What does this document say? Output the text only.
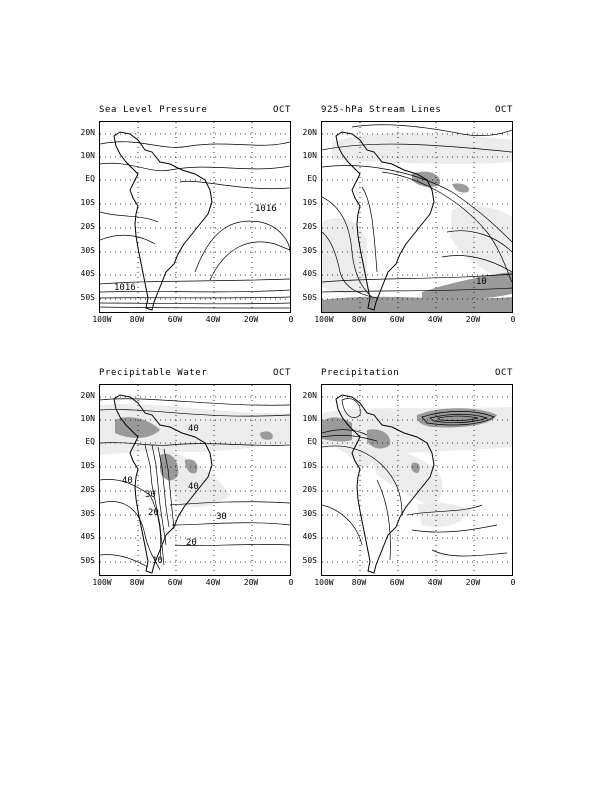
Sea Level Pressure	OCT
1016
1016
20N
10N
EQ
10S
20S
30S
40S
50S
100W	80W	60W	40W	20W	0
925-hPa Stream Lines	OCT
10
20N
10N
EQ
10S
20S
30S
40S
50S
100W	80W	60W	40W	20W	0
Precipitable Water	OCT
40
40
40
30
30
20
20
10
20N
10N
EQ
10S
20S
30S
40S
50S
100W	80W	60W	40W	20W	0
Precipitation	OCT
20N
10N
EQ
10S
20S
30S
40S
50S
100W	80W	60W	40W	20W	0
